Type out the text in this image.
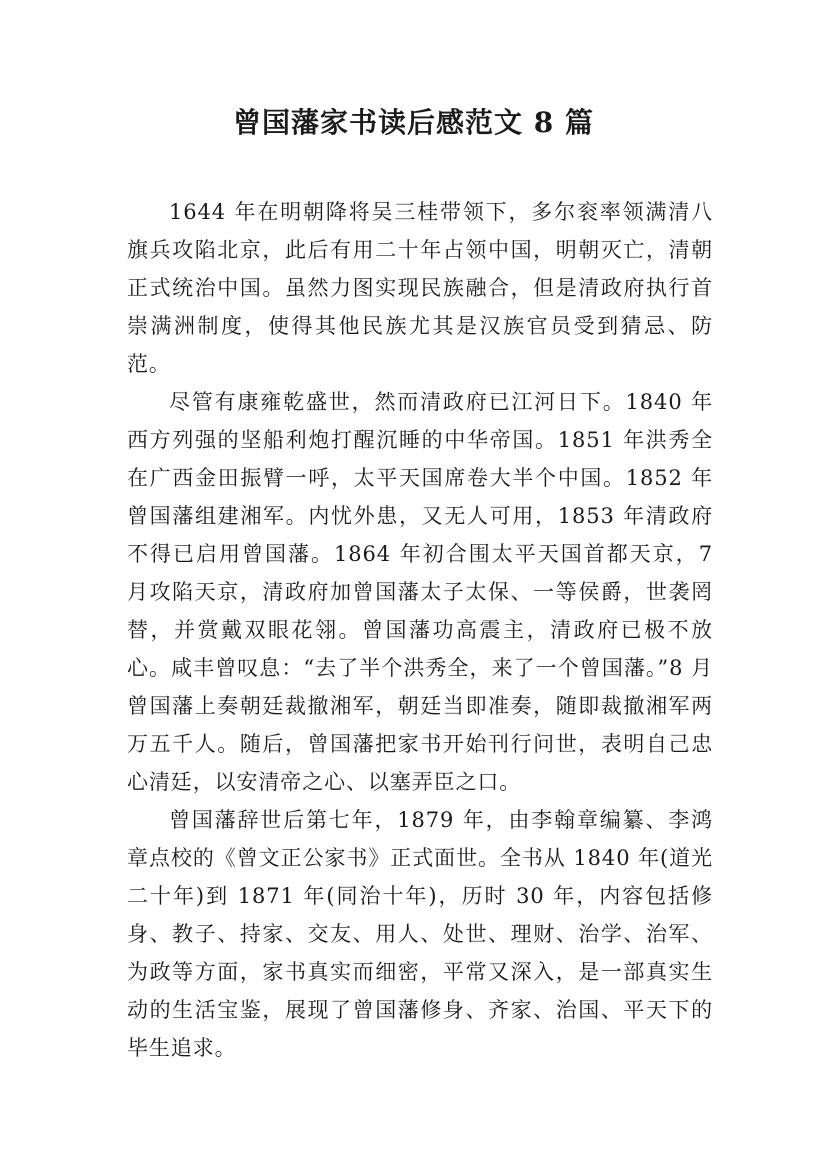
曾国藩家书读后感范文 8 篇

1644 年在明朝降将吴三桂带领下，多尔衮率领满清八旗兵攻陷北京，此后有用二十年占领中国，明朝灭亡，清朝正式统治中国。虽然力图实现民族融合，但是清政府执行首崇满洲制度，使得其他民族尤其是汉族官员受到猜忌、防范。

尽管有康雍乾盛世，然而清政府已江河日下。1840 年西方列强的坚船利炮打醒沉睡的中华帝国。1851 年洪秀全在广西金田振臂一呼，太平天国席卷大半个中国。1852 年曾国藩组建湘军。内忧外患，又无人可用，1853 年清政府不得已启用曾国藩。1864 年初合围太平天国首都天京，7 月攻陷天京，清政府加曾国藩太子太保、一等侯爵，世袭罔替，并赏戴双眼花翎。曾国藩功高震主，清政府已极不放心。咸丰曾叹息：“去了半个洪秀全，来了一个曾国藩。”8 月曾国藩上奏朝廷裁撤湘军，朝廷当即准奏，随即裁撤湘军两万五千人。随后，曾国藩把家书开始刊行问世，表明自己忠心清廷，以安清帝之心、以塞弄臣之口。

曾国藩辞世后第七年，1879 年，由李翰章编纂、李鸿章点校的《曾文正公家书》正式面世。全书从 1840 年(道光二十年)到 1871 年(同治十年)，历时 30 年，内容包括修身、教子、持家、交友、用人、处世、理财、治学、治军、为政等方面，家书真实而细密，平常又深入，是一部真实生动的生活宝鉴，展现了曾国藩修身、齐家、治国、平天下的毕生追求。
